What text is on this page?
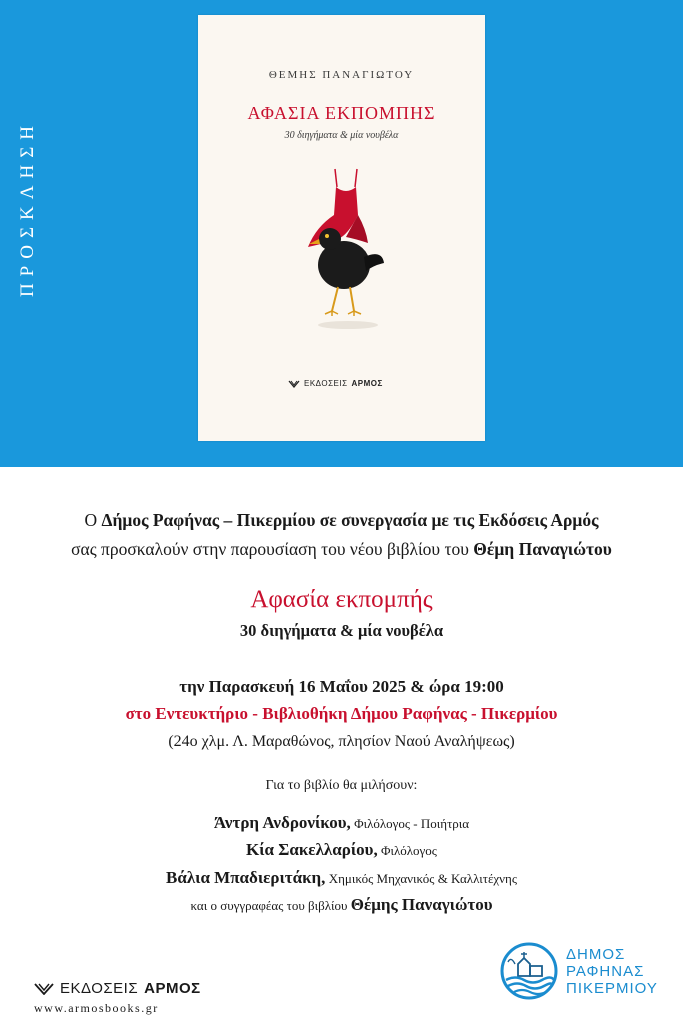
ΠΡΟΣΚΛΗΣΗ
ΘΕΜΗΣ ΠΑΝΑΓΙΩΤΟΥ
ΑΦΑΣΙΑ ΕΚΠΟΜΠΗΣ
30 διηγήματα & μία νουβέλα
ΕΚΔΟΣΕΙΣ ΑΡΜΟΣ
Ο Δήμος Ραφήνας – Πικερμίου σε συνεργασία με τις Εκδόσεις Αρμός
σας προσκαλούν στην παρουσίαση του νέου βιβλίου του Θέμη Παναγιώτου
Αφασία εκπομπής
30 διηγήματα & μία νουβέλα
την Παρασκευή 16 Μαΐου 2025 & ώρα 19:00
στο Εντευκτήριο - Βιβλιοθήκη Δήμου Ραφήνας - Πικερμίου
(24ο χλμ. Λ. Μαραθώνος, πλησίον Ναού Αναλήψεως)
Για το βιβλίο θα μιλήσουν:
Άντρη Ανδρονίκου, Φιλόλογος - Ποιήτρια
Κία Σακελλαρίου, Φιλόλογος
Βάλια Μπαδιεριτάκη, Χημικός Μηχανικός & Καλλιτέχνης
και ο συγγραφέας του βιβλίου Θέμης Παναγιώτου
ΕΚΔΟΣΕΙΣ ΑΡΜΟΣ
www.armosbooks.gr
ΔΗΜΟΣ
ΡΑΦΗΝΑΣ
ΠΙΚΕΡΜΙΟΥ
